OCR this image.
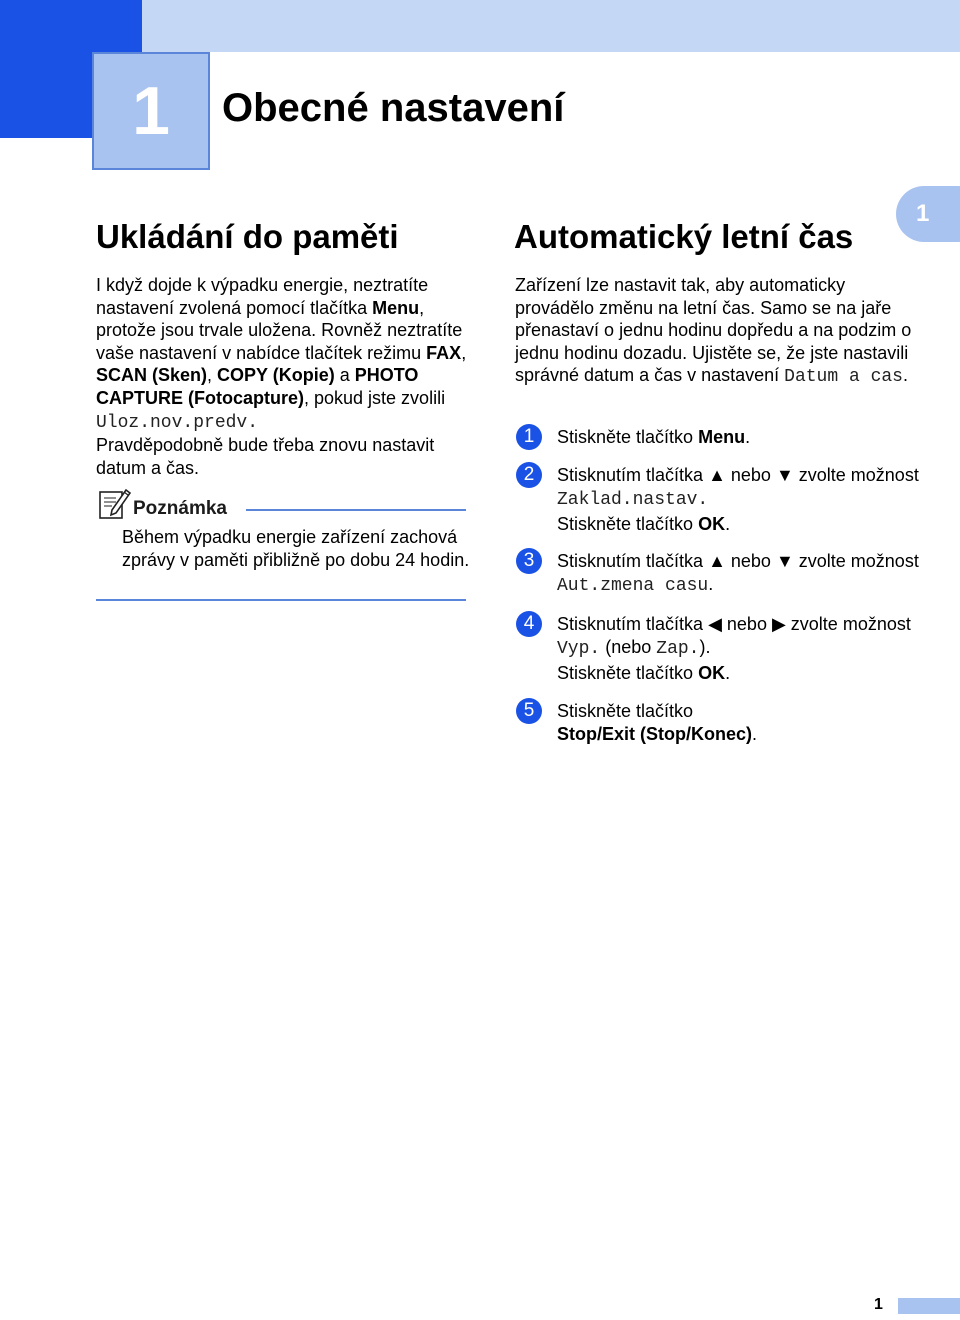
1 Obecné nastavení
1
Ukládání do paměti

I když dojde k výpadku energie, neztratíte nastavení zvolená pomocí tlačítka Menu, protože jsou trvale uložena. Rovněž neztratíte vaše nastavení v nabídce tlačítek režimu FAX, SCAN (Sken), COPY (Kopie) a PHOTO CAPTURE (Fotocapture), pokud jste zvolili Uloz.nov.predv.
Pravděpodobně bude třeba znovu nastavit datum a čas.

Poznámka

Během výpadku energie zařízení zachová zprávy v paměti přibližně po dobu 24 hodin.

Automatický letní čas

Zařízení lze nastavit tak, aby automaticky provádělo změnu na letní čas. Samo se na jaře přenastaví o jednu hodinu dopředu a na podzim o jednu hodinu dozadu. Ujistěte se, že jste nastavili správné datum a čas v nastavení Datum a cas.

1	Stiskněte tlačítko Menu.

2	Stisknutím tlačítka ▲ nebo ▼ zvolte možnost Zaklad.nastav.
Stiskněte tlačítko OK.

3	Stisknutím tlačítka ▲ nebo ▼ zvolte možnost Aut.zmena casu.

4	Stisknutím tlačítka ◀ nebo ▶ zvolte možnost Vyp. (nebo Zap.).
Stiskněte tlačítko OK.

5	Stiskněte tlačítko
Stop/Exit (Stop/Konec).

1
